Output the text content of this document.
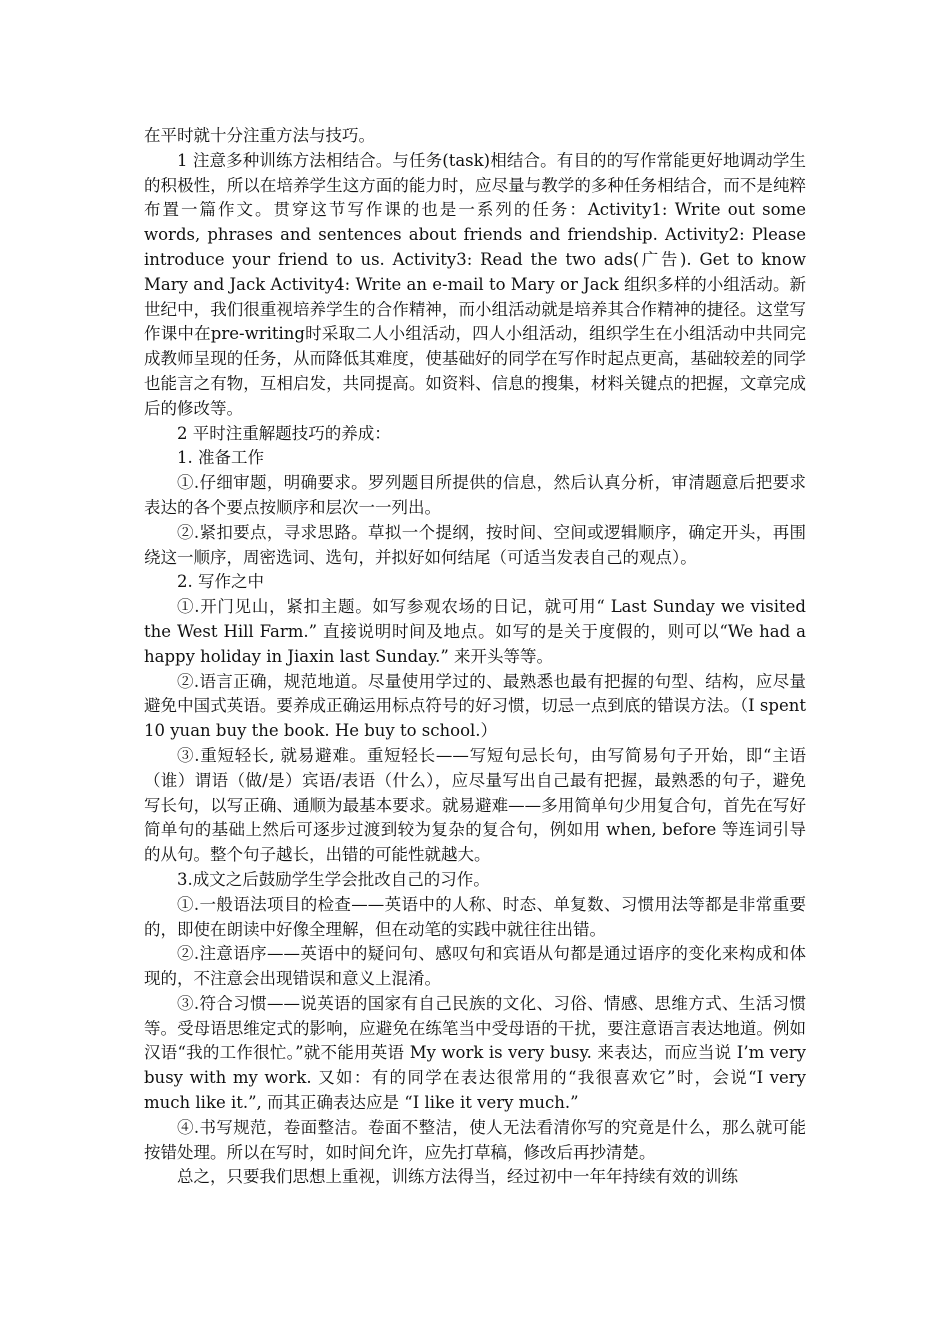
在平时就十分注重方法与技巧。

1 注意多种训练方法相结合。与任务(task)相结合。有目的的写作常能更好地调动学生的积极性，所以在培养学生这方面的能力时，应尽量与教学的多种任务相结合，而不是纯粹布置一篇作文。贯穿这节写作课的也是一系列的任务：Activity1: Write out some words, phrases and sentences about friends and friendship. Activity2: Please introduce your friend to us. Activity3: Read the two ads(广告). Get to know Mary and Jack Activity4: Write an e-mail to Mary or Jack 组织多样的小组活动。新世纪中，我们很重视培养学生的合作精神，而小组活动就是培养其合作精神的捷径。这堂写作课中在pre-writing时采取二人小组活动，四人小组活动，组织学生在小组活动中共同完成教师呈现的任务，从而降低其难度，使基础好的同学在写作时起点更高，基础较差的同学也能言之有物，互相启发，共同提高。如资料、信息的搜集，材料关键点的把握，文章完成后的修改等。

2 平时注重解题技巧的养成：

1. 准备工作

①.仔细审题，明确要求。罗列题目所提供的信息，然后认真分析，审清题意后把要求表达的各个要点按顺序和层次一一列出。

②.紧扣要点，寻求思路。草拟一个提纲，按时间、空间或逻辑顺序，确定开头，再围绕这一顺序，周密选词、选句，并拟好如何结尾（可适当发表自己的观点）。

2. 写作之中

①.开门见山，紧扣主题。如写参观农场的日记，就可用“ Last Sunday we visited the West Hill Farm.” 直接说明时间及地点。如写的是关于度假的，则可以“We had a happy holiday in Jiaxin last Sunday.” 来开头等等。

②.语言正确，规范地道。尽量使用学过的、最熟悉也最有把握的句型、结构，应尽量避免中国式英语。要养成正确运用标点符号的好习惯，切忌一点到底的错误方法。（I spent 10 yuan buy the book. He buy to school.）

③.重短轻长, 就易避难。重短轻长——写短句忌长句，由写简易句子开始，即“主语（谁）谓语（做/是）宾语/表语（什么），应尽量写出自己最有把握，最熟悉的句子，避免写长句，以写正确、通顺为最基本要求。就易避难——多用简单句少用复合句，首先在写好简单句的基础上然后可逐步过渡到较为复杂的复合句，例如用 when, before 等连词引导的从句。整个句子越长，出错的可能性就越大。

3.成文之后鼓励学生学会批改自己的习作。

①.一般语法项目的检查——英语中的人称、时态、单复数、习惯用法等都是非常重要的，即使在朗读中好像全理解，但在动笔的实践中就往往出错。

②.注意语序——英语中的疑问句、感叹句和宾语从句都是通过语序的变化来构成和体现的，不注意会出现错误和意义上混淆。

③.符合习惯——说英语的国家有自己民族的文化、习俗、情感、思维方式、生活习惯等。受母语思维定式的影响，应避免在练笔当中受母语的干扰，要注意语言表达地道。例如汉语“我的工作很忙。”就不能用英语 My work is very busy. 来表达，而应当说 I’m very busy with my work. 又如：有的同学在表达很常用的“我很喜欢它”时，会说“I very much like it.”, 而其正确表达应是 “I like it very much.”

④.书写规范，卷面整洁。卷面不整洁，使人无法看清你写的究竟是什么，那么就可能按错处理。所以在写时，如时间允许，应先打草稿，修改后再抄清楚。

总之，只要我们思想上重视，训练方法得当，经过初中一年年持续有效的训练
